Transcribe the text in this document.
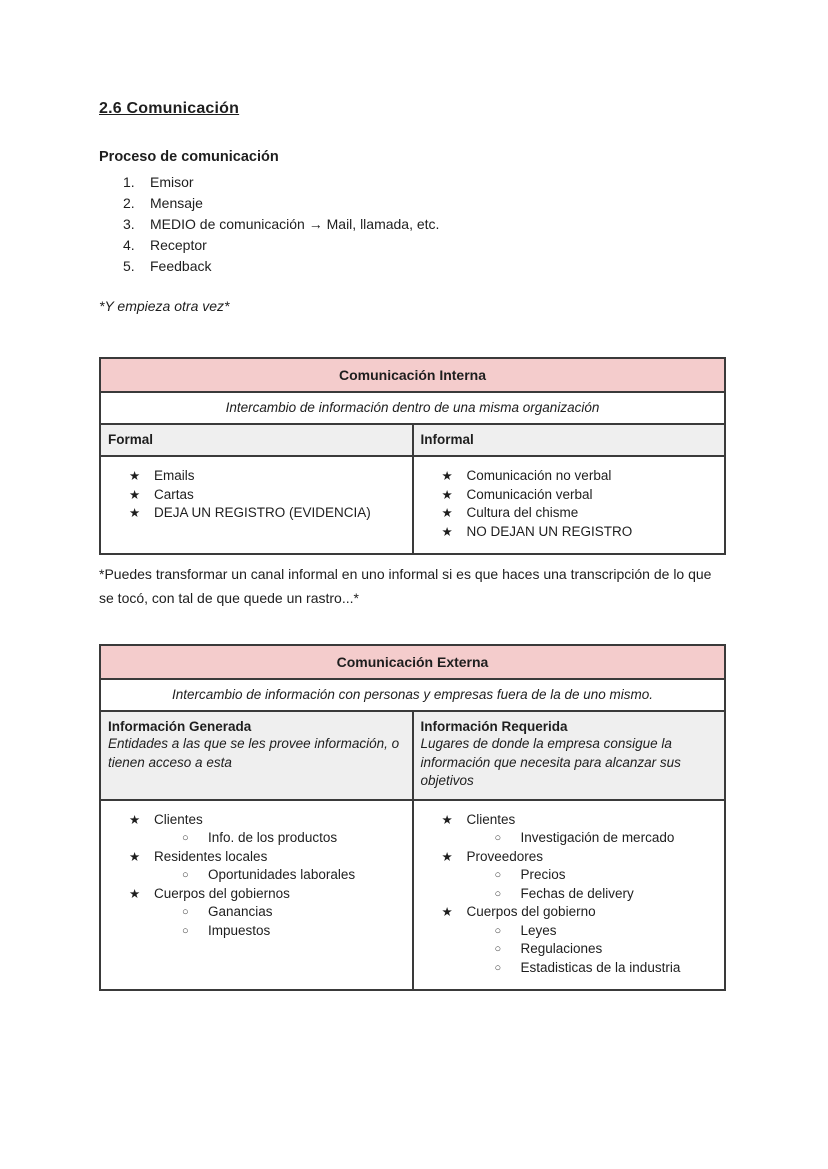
2.6 Comunicación

Proceso de comunicación

1.	Emisor
2.	Mensaje
3.	MEDIO de comunicación → Mail, llamada, etc.
4.	Receptor
5.	Feedback

*Y empieza otra vez*

Comunicación Interna	
Intercambio de información dentro de una misma organización	
Formal	Informal

★	Emails
★	Cartas
★	DEJA UN REGISTRO (EVIDENCIA)

★	Comunicación no verbal
★	Comunicación verbal
★	Cultura del chisme
★	NO DEJAN UN REGISTRO

*Puedes transformar un canal informal en uno informal si es que haces una transcripción de lo que se tocó, con tal de que quede un rastro...*

Comunicación Externa	
Intercambio de información con personas y empresas fuera de la de uno mismo.	

Información Generada
Entidades a las que se les provee información, o tienen acceso a esta

Información Requerida
Lugares de donde la empresa consigue la información que necesita para alcanzar sus objetivos

★	Clientes
○	Info. de los productos
★	Residentes locales
○	Oportunidades laborales
★	Cuerpos del gobiernos
○	Ganancias
○	Impuestos

★	Clientes
○	Investigación de mercado
★	Proveedores
○	Precios
○	Fechas de delivery
★	Cuerpos del gobierno
○	Leyes
○	Regulaciones
○	Estadisticas de la industria
